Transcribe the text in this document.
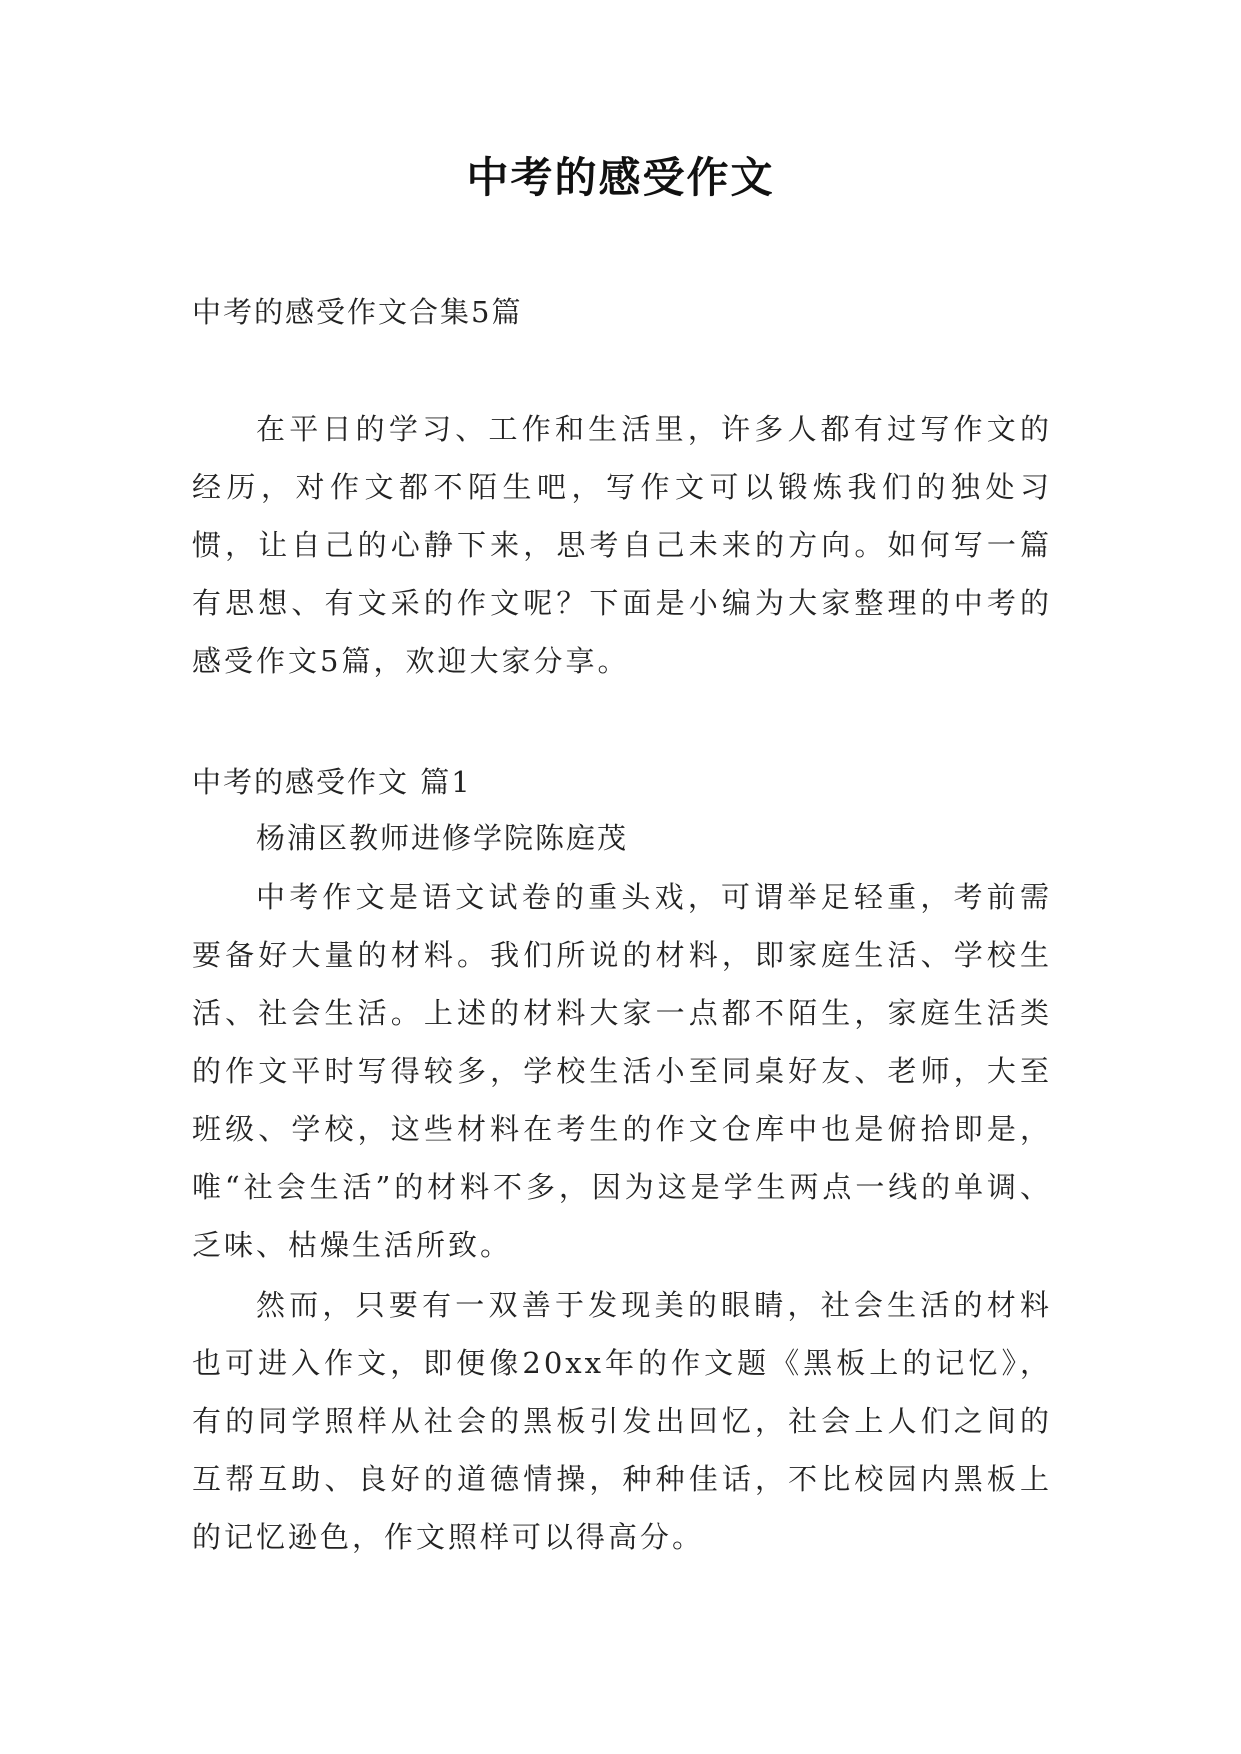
中考的感受作文
中考的感受作文合集5篇

在平日的学习、工作和生活里，许多人都有过写作文的经历，对作文都不陌生吧，写作文可以锻炼我们的独处习惯，让自己的心静下来，思考自己未来的方向。如何写一篇有思想、有文采的作文呢？下面是小编为大家整理的中考的感受作文5篇，欢迎大家分享。

中考的感受作文 篇1
杨浦区教师进修学院陈庭茂

中考作文是语文试卷的重头戏，可谓举足轻重，考前需要备好大量的材料。我们所说的材料，即家庭生活、学校生活、社会生活。上述的材料大家一点都不陌生，家庭生活类的作文平时写得较多，学校生活小至同桌好友、老师，大至班级、学校，这些材料在考生的作文仓库中也是俯拾即是，唯“社会生活”的材料不多，因为这是学生两点一线的单调、乏味、枯燥生活所致。

然而，只要有一双善于发现美的眼睛，社会生活的材料也可进入作文，即便像20xx年的作文题《黑板上的记忆》，有的同学照样从社会的黑板引发出回忆，社会上人们之间的互帮互助、良好的道德情操，种种佳话，不比校园内黑板上的记忆逊色，作文照样可以得高分。
